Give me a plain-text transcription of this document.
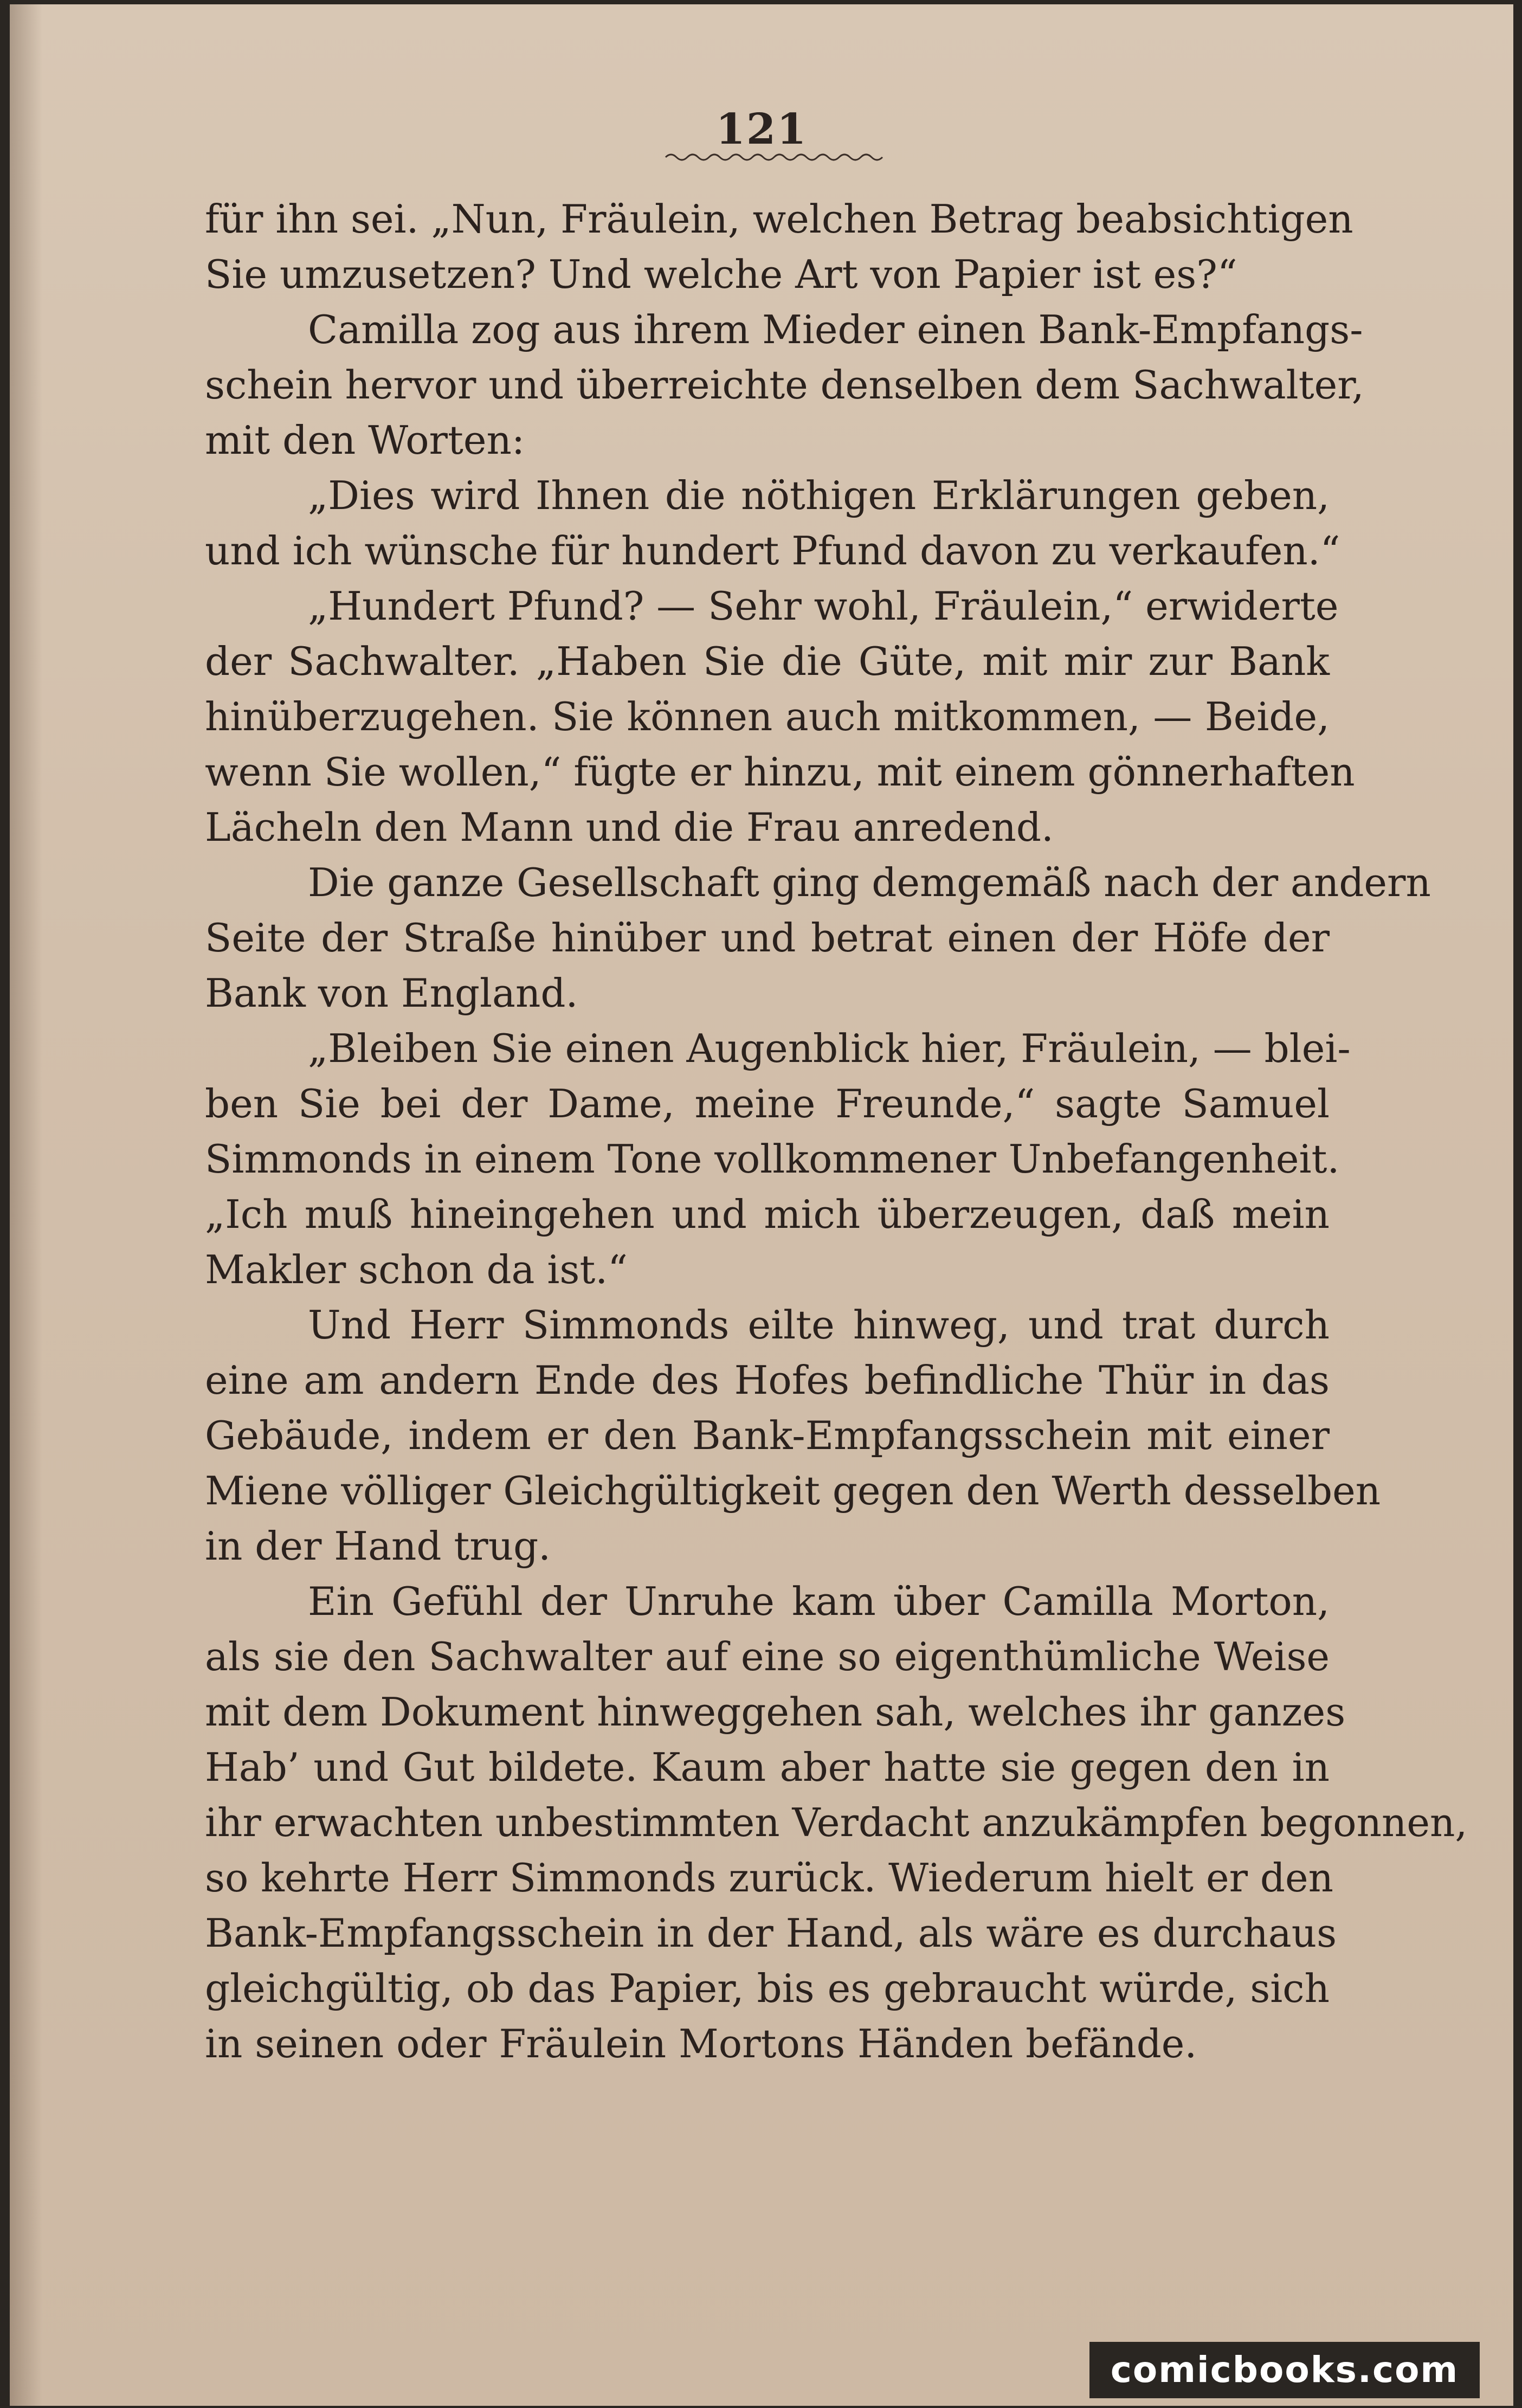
121
für ihn sei. „Nun, Fräulein, welchen Betrag beabsichtigen
Sie umzusetzen? Und welche Art von Papier ist es?“
Camilla zog aus ihrem Mieder einen Bank-Empfangs-
schein hervor und überreichte denselben dem Sachwalter,
mit den Worten:
„Dies wird Ihnen die nöthigen Erklärungen geben,
und ich wünsche für hundert Pfund davon zu verkaufen.“
„Hundert Pfund? — Sehr wohl, Fräulein,“ erwiderte
der Sachwalter. „Haben Sie die Güte, mit mir zur Bank
hinüberzugehen. Sie können auch mitkommen, — Beide,
wenn Sie wollen,“ fügte er hinzu, mit einem gönnerhaften
Lächeln den Mann und die Frau anredend.
Die ganze Gesellschaft ging demgemäß nach der andern
Seite der Straße hinüber und betrat einen der Höfe der
Bank von England.
„Bleiben Sie einen Augenblick hier, Fräulein, — blei-
ben Sie bei der Dame, meine Freunde,“ sagte Samuel
Simmonds in einem Tone vollkommener Unbefangenheit.
„Ich muß hineingehen und mich überzeugen, daß mein
Makler schon da ist.“
Und Herr Simmonds eilte hinweg, und trat durch
eine am andern Ende des Hofes befindliche Thür in das
Gebäude, indem er den Bank-Empfangsschein mit einer
Miene völliger Gleichgültigkeit gegen den Werth desselben
in der Hand trug.
Ein Gefühl der Unruhe kam über Camilla Morton,
als sie den Sachwalter auf eine so eigenthümliche Weise
mit dem Dokument hinweggehen sah, welches ihr ganzes
Hab’ und Gut bildete. Kaum aber hatte sie gegen den in
ihr erwachten unbestimmten Verdacht anzukämpfen begonnen,
so kehrte Herr Simmonds zurück. Wiederum hielt er den
Bank-Empfangsschein in der Hand, als wäre es durchaus
gleichgültig, ob das Papier, bis es gebraucht würde, sich
in seinen oder Fräulein Mortons Händen befände.
comicbooks.com
